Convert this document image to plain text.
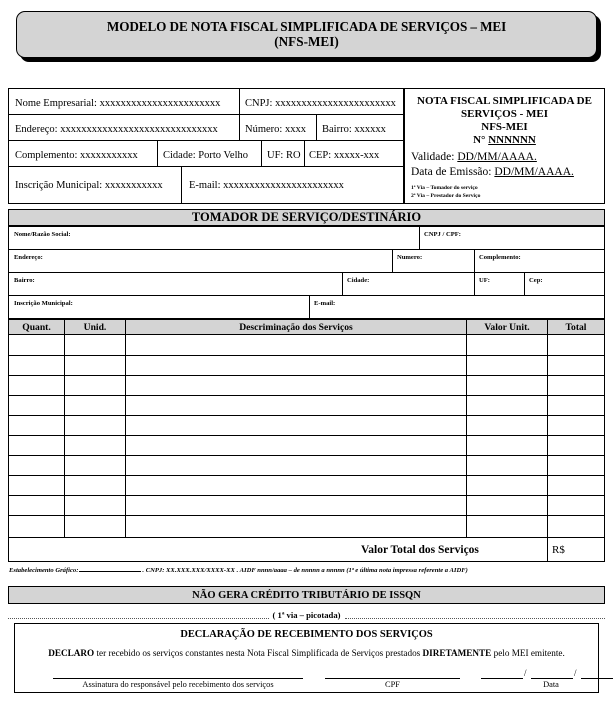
MODELO DE NOTA FISCAL SIMPLIFICADA DE SERVIÇOS – MEI
(NFS-MEI)
Nome Empresarial: xxxxxxxxxxxxxxxxxxxxxxx CNPJ: xxxxxxxxxxxxxxxxxxxxxxx
Endereço: xxxxxxxxxxxxxxxxxxxxxxxxxxxxxx	Número: xxxx Bairro: xxxxxx
Complemento: xxxxxxxxxxx Cidade: Porto Velho UF: RO CEP: xxxxx-xxx
Inscrição Municipal: xxxxxxxxxxx	E-mail: xxxxxxxxxxxxxxxxxxxxxxx
NOTA FISCAL SIMPLIFICADA DE
SERVIÇOS - MEI
NFS-MEI
N° NNNNNN
Validade: DD/MM/AAAA.
Data de Emissão: DD/MM/AAAA.
1ª Via – Tomador do serviço
2ª Via – Prestador do Serviço
TOMADOR DE SERVIÇO/DESTINÁRIO
Nome/Razão Social:	CNPJ / CPF:
Endereço:	Numero:	Complemento:
Bairro:	Cidade:	UF:	Cep:
Inscrição Municipal:	E-mail:
Quant.	Unid.	Descriminação dos Serviços	Valor Unit.	Total
Valor Total dos Serviços	R$
Estabelecimento Gráfico:	. CNPJ: XX.XXX.XXX/XXXX-XX . AIDF nnnn/aaaa – de nnnnn a nnnnn (1ª e última nota impressa referente a AIDF)
NÃO GERA CRÉDITO TRIBUTÁRIO DE ISSQN
( 1ª via – picotada)
DECLARAÇÃO DE RECEBIMENTO DOS SERVIÇOS
DECLARO ter recebido os serviços constantes nesta Nota Fiscal Simplificada de Serviços prestados DIRETAMENTE pelo MEI emitente.
Assinatura do responsável pelo recebimento dos serviços	CPF
/	/
Data
